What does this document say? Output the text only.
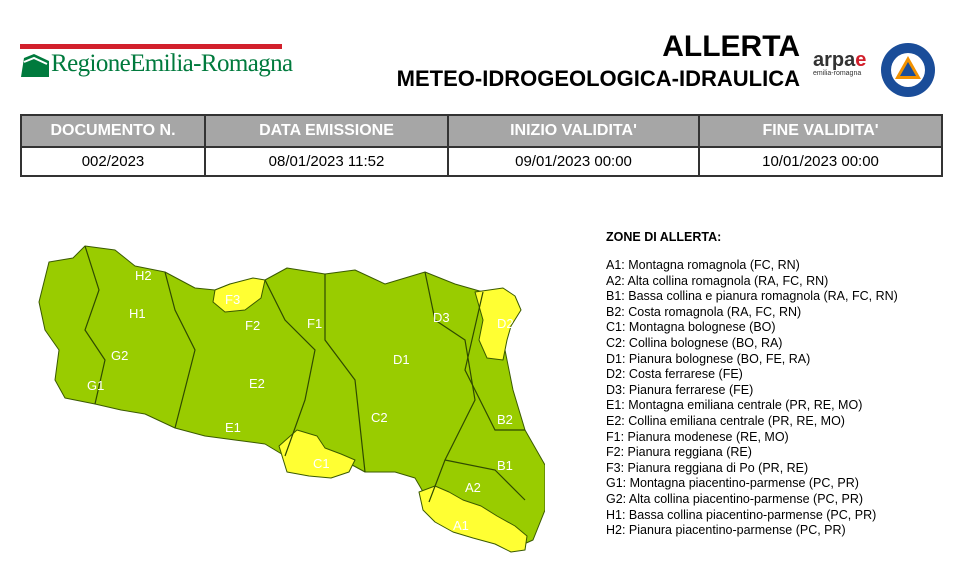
RegioneEmilia-Romagna
ALLERTA
METEO-IDROGEOLOGICA-IDRAULICA
arpae
emilia-romagna
DOCUMENTO N.	DATA EMISSIONE	INIZIO VALIDITA'	FINE VALIDITA'
002/2023	08/01/2023 11:52	09/01/2023 00:00	10/01/2023 00:00
H2
F3
H1
F2	F1	D3	D2
G2	D1
G1	E2
B2
C2
E1
C1	B1
A2
A1
ZONE DI ALLERTA:
A1: Montagna romagnola (FC, RN)
A2: Alta collina romagnola (RA, FC, RN)
B1: Bassa collina e pianura romagnola (RA, FC, RN)
B2: Costa romagnola (RA, FC, RN)
C1: Montagna bolognese (BO)
C2: Collina bolognese (BO, RA)
D1: Pianura bolognese (BO, FE, RA)
D2: Costa ferrarese (FE)
D3: Pianura ferrarese (FE)
E1: Montagna emiliana centrale (PR, RE, MO)
E2: Collina emiliana centrale (PR, RE, MO)
F1: Pianura modenese (RE, MO)
F2: Pianura reggiana (RE)
F3: Pianura reggiana di Po (PR, RE)
G1: Montagna piacentino-parmense (PC, PR)
G2: Alta collina piacentino-parmense (PC, PR)
H1: Bassa collina piacentino-parmense (PC, PR)
H2: Pianura piacentino-parmense (PC, PR)
